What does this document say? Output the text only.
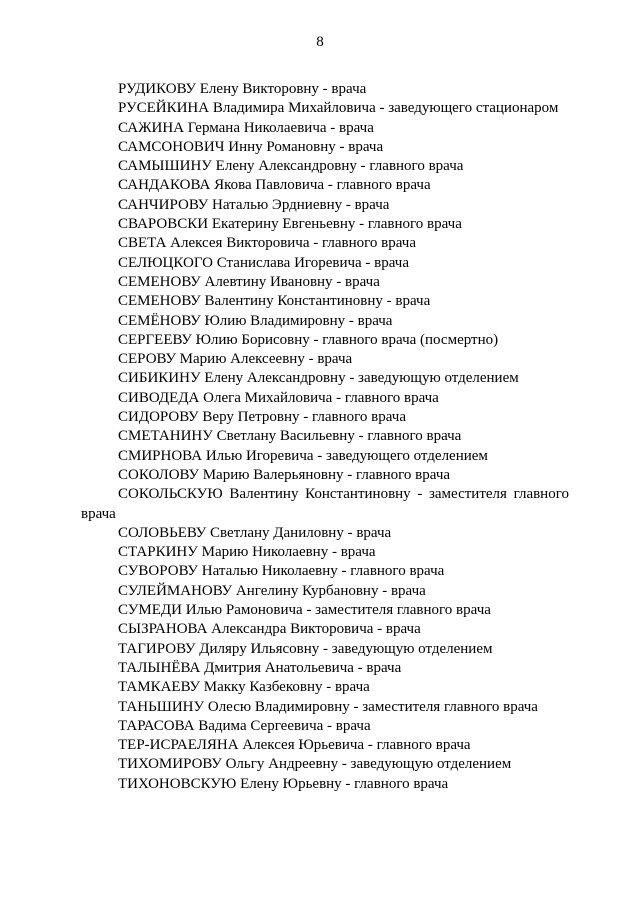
8
РУДИКОВУ Елену Викторовну - врача
РУСЕЙКИНА Владимира Михайловича - заведующего стационаром
САЖИНА Германа Николаевича - врача
САМСОНОВИЧ Инну Романовну - врача
САМЫШИНУ Елену Александровну - главного врача
САНДАКОВА Якова Павловича - главного врача
САНЧИРОВУ Наталью Эрдниевну - врача
СВАРОВСКИ Екатерину Евгеньевну - главного врача
СВЕТА Алексея Викторовича - главного врача
СЕЛЮЦКОГО Станислава Игоревича - врача
СЕМЕНОВУ Алевтину Ивановну - врача
СЕМЕНОВУ Валентину Константиновну - врача
СЕМЁНОВУ Юлию Владимировну - врача
СЕРГЕЕВУ Юлию Борисовну - главного врача (посмертно)
СЕРОВУ Марию Алексеевну - врача
СИБИКИНУ Елену Александровну - заведующую отделением
СИВОДЕДА Олега Михайловича - главного врача
СИДОРОВУ Веру Петровну - главного врача
СМЕТАНИНУ Светлану Васильевну - главного врача
СМИРНОВА Илью Игоревича - заведующего отделением
СОКОЛОВУ Марию Валерьяновну - главного врача
СОКОЛЬСКУЮ Валентину Константиновну - заместителя главного врача
СОЛОВЬЕВУ Светлану Даниловну - врача
СТАРКИНУ Марию Николаевну - врача
СУВОРОВУ Наталью Николаевну - главного врача
СУЛЕЙМАНОВУ Ангелину Курбановну - врача
СУМЕДИ Илью Рамоновича - заместителя главного врача
СЫЗРАНОВА Александра Викторовича - врача
ТАГИРОВУ Диляру Ильясовну - заведующую отделением
ТАЛЫНЁВА Дмитрия Анатольевича - врача
ТАМКАЕВУ Макку Казбековну - врача
ТАНЬШИНУ Олесю Владимировну - заместителя главного врача
ТАРАСОВА Вадима Сергеевича - врача
ТЕР-ИСРАЕЛЯНА Алексея Юрьевича - главного врача
ТИХОМИРОВУ Ольгу Андреевну - заведующую отделением
ТИХОНОВСКУЮ Елену Юрьевну - главного врача
